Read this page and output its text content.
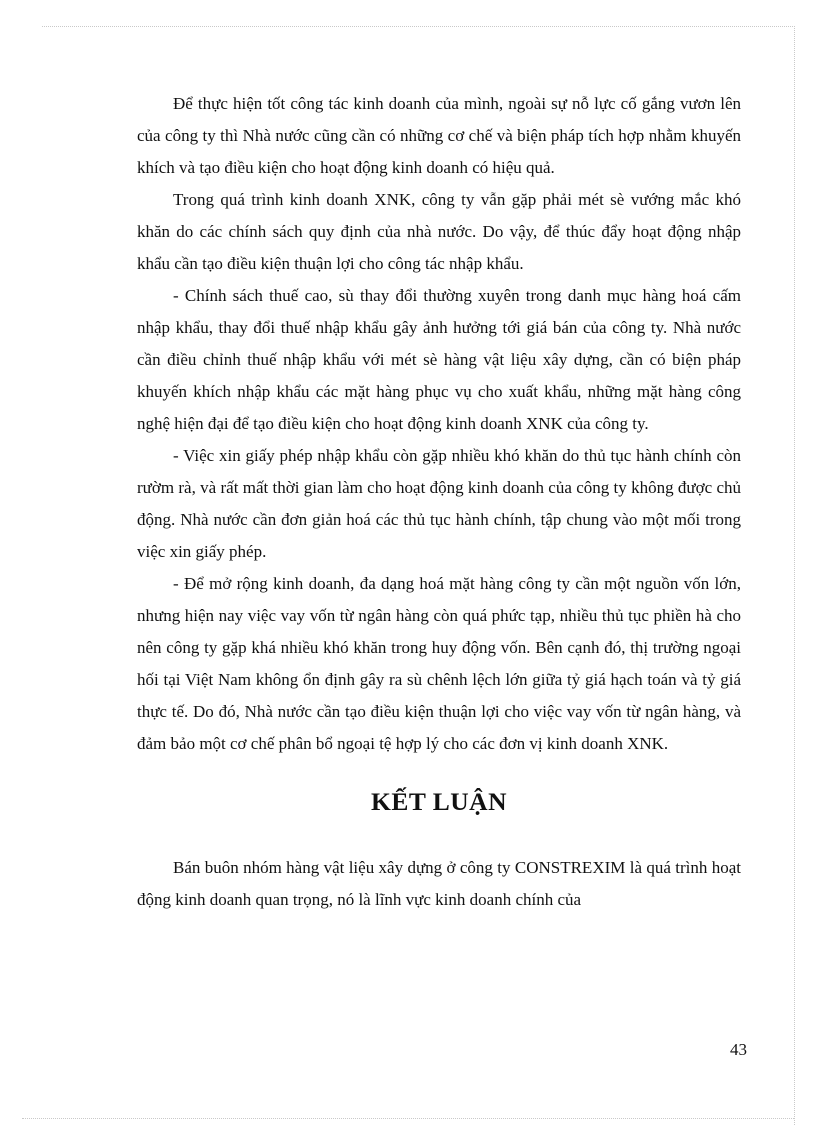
Để thực hiện tốt công tác kinh doanh của mình, ngoài sự nỗ lực cố gắng vươn lên của công ty thì Nhà nước cũng cần có những cơ chế và biện pháp tích hợp nhằm khuyến khích và tạo điều kiện cho hoạt động kinh doanh có hiệu quả.

Trong quá trình kinh doanh XNK, công ty vẫn gặp phải mét sè vướng mắc khó khăn do các chính sách quy định của nhà nước. Do vậy, để thúc đẩy hoạt động nhập khẩu cần tạo điều kiện thuận lợi cho công tác nhập khẩu.

- Chính sách thuế cao, sù thay đổi thường xuyên trong danh mục hàng hoá cấm nhập khẩu, thay đổi thuế nhập khẩu gây ảnh hưởng tới giá bán của công ty. Nhà nước cần điều chỉnh thuế nhập khẩu với mét sè hàng vật liệu xây dựng, cần có biện pháp khuyến khích nhập khẩu các mặt hàng phục vụ cho xuất khẩu, những mặt hàng công nghệ hiện đại để tạo điều kiện cho hoạt động kinh doanh XNK của công ty.

- Việc xin giấy phép nhập khẩu còn gặp nhiều khó khăn do thủ tục hành chính còn rườm rà, và rất mất thời gian làm cho hoạt động kinh doanh của công ty không được chủ động. Nhà nước cần đơn giản hoá các thủ tục hành chính, tập chung vào một mối trong việc xin giấy phép.

- Để mở rộng kinh doanh, đa dạng hoá mặt hàng công ty cần một nguồn vốn lớn, nhưng hiện nay việc vay vốn từ ngân hàng còn quá phức tạp, nhiều thủ tục phiền hà cho nên công ty gặp khá nhiều khó khăn trong huy động vốn. Bên cạnh đó, thị trường ngoại hối tại Việt Nam không ổn định gây ra sù chênh lệch lớn giữa tỷ giá hạch toán và tỷ giá thực tế. Do đó, Nhà nước cần tạo điều kiện thuận lợi cho việc vay vốn từ ngân hàng, và đảm bảo một cơ chế phân bổ ngoại tệ hợp lý cho các đơn vị kinh doanh XNK.

KẾT LUẬN

Bán buôn nhóm hàng vật liệu xây dựng ở công ty CONSTREXIM là quá trình hoạt động kinh doanh quan trọng, nó là lĩnh vực kinh doanh chính của

43
